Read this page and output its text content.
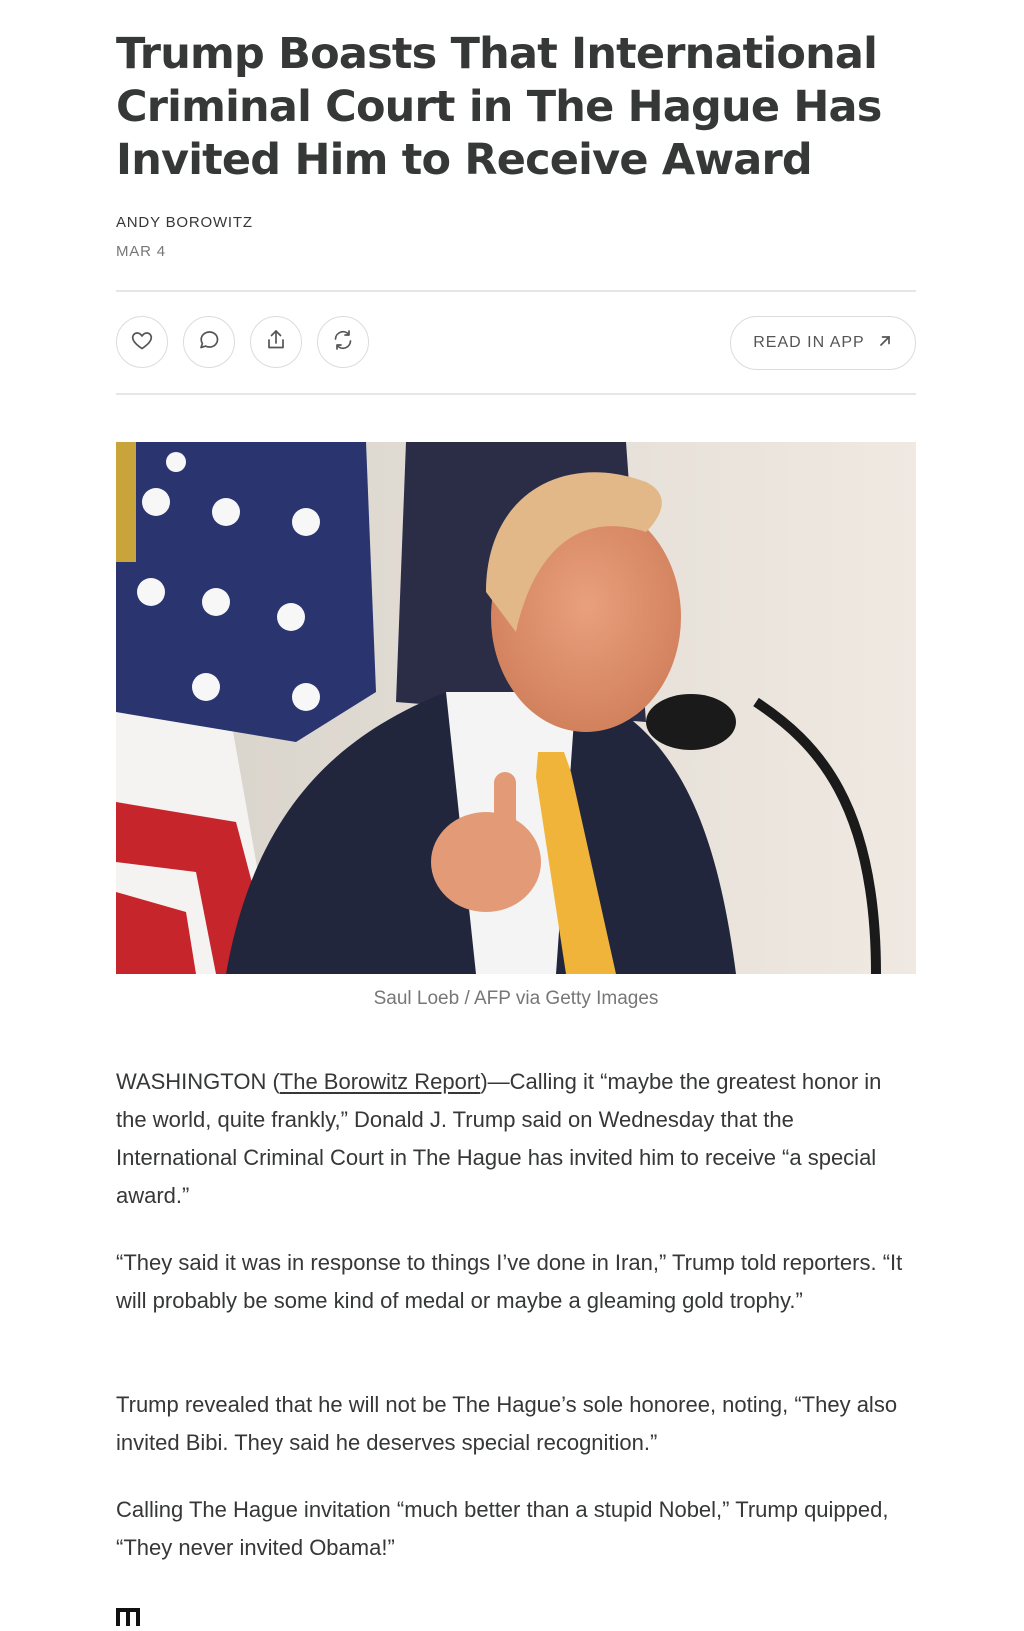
Trump Boasts That International Criminal Court in The Hague Has Invited Him to Receive Award
ANDY BOROWITZ
MAR 4
READ IN APP
Saul Loeb / AFP via Getty Images

WASHINGTON (The Borowitz Report)—Calling it “maybe the greatest honor in the world, quite frankly,” Donald J. Trump said on Wednesday that the International Criminal Court in The Hague has invited him to receive “a special award.”

“They said it was in response to things I’ve done in Iran,” Trump told reporters. “It will probably be some kind of medal or maybe a gleaming gold trophy.”

Trump revealed that he will not be The Hague’s sole honoree, noting, “They also invited Bibi. They said he deserves special recognition.”

Calling The Hague invitation “much better than a stupid Nobel,” Trump quipped, “They never invited Obama!”
